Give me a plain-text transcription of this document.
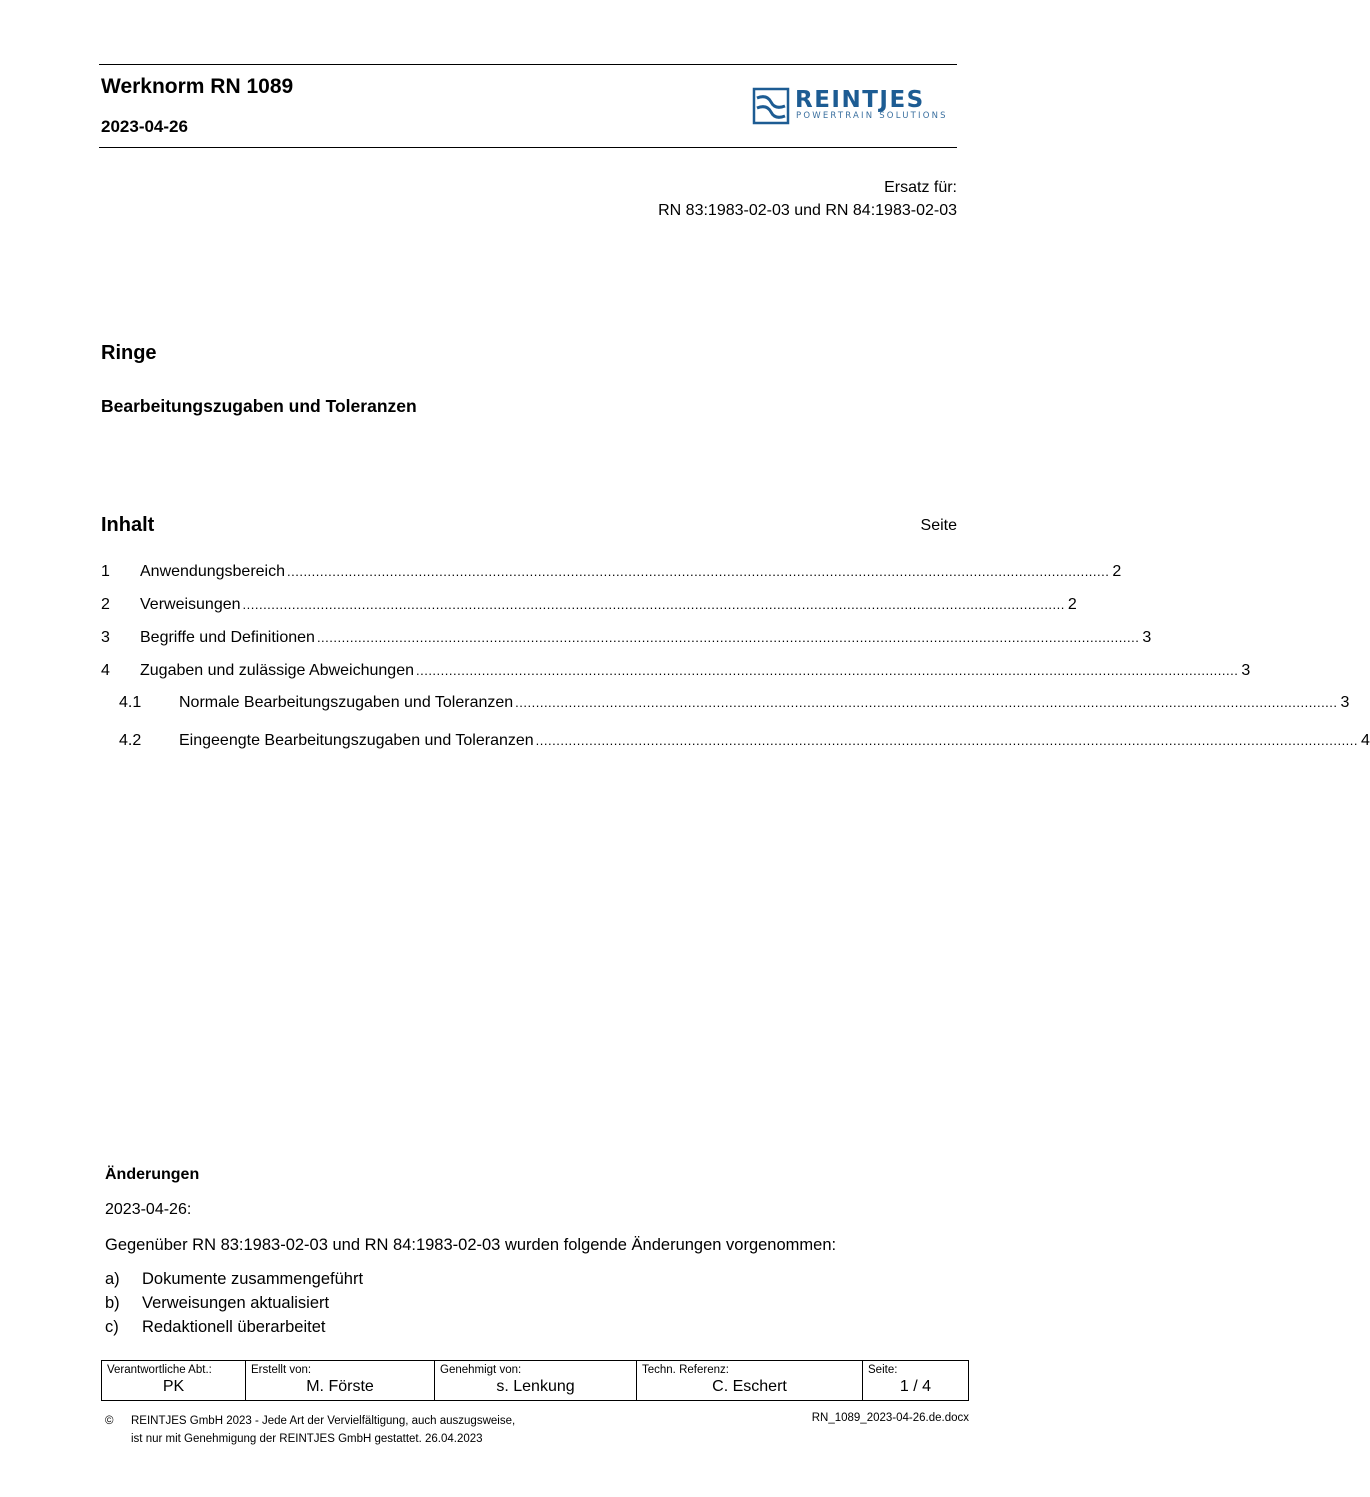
Werknorm RN 1089
2023-04-26
REINTJES
POWERTRAIN SOLUTIONS
Ersatz für:
RN 83:1983-02-03 und RN 84:1983-02-03
Ringe
Bearbeitungszugaben und Toleranzen
Inhalt	Seite
1	Anwendungsbereich ........................................................................................................................................................................................................ 2
2	Verweisungen ........................................................................................................................................................................................................ 2
3	Begriffe und Definitionen ........................................................................................................................................................................................................ 3
4	Zugaben und zulässige Abweichungen ........................................................................................................................................................................................................ 3
4.1	Normale Bearbeitungszugaben und Toleranzen ........................................................................................................................................................................................................ 3
4.2	Eingeengte Bearbeitungszugaben und Toleranzen ........................................................................................................................................................................................................ 4
Änderungen
2023-04-26:
Gegenüber RN 83:1983-02-03 und RN 84:1983-02-03 wurden folgende Änderungen vorgenommen:
a) Dokumente zusammengeführt
b) Verweisungen aktualisiert
c) Redaktionell überarbeitet
Verantwortliche Abt.:
PK

Erstellt von:
M. Förste

Genehmigt von:
s. Lenkung

Techn. Referenz:
C. Eschert

Seite:
1 / 4
© REINTJES GmbH 2023 - Jede Art der Vervielfältigung, auch auszugsweise,
ist nur mit Genehmigung der REINTJES GmbH gestattet. 26.04.2023
RN_1089_2023-04-26.de.docx
